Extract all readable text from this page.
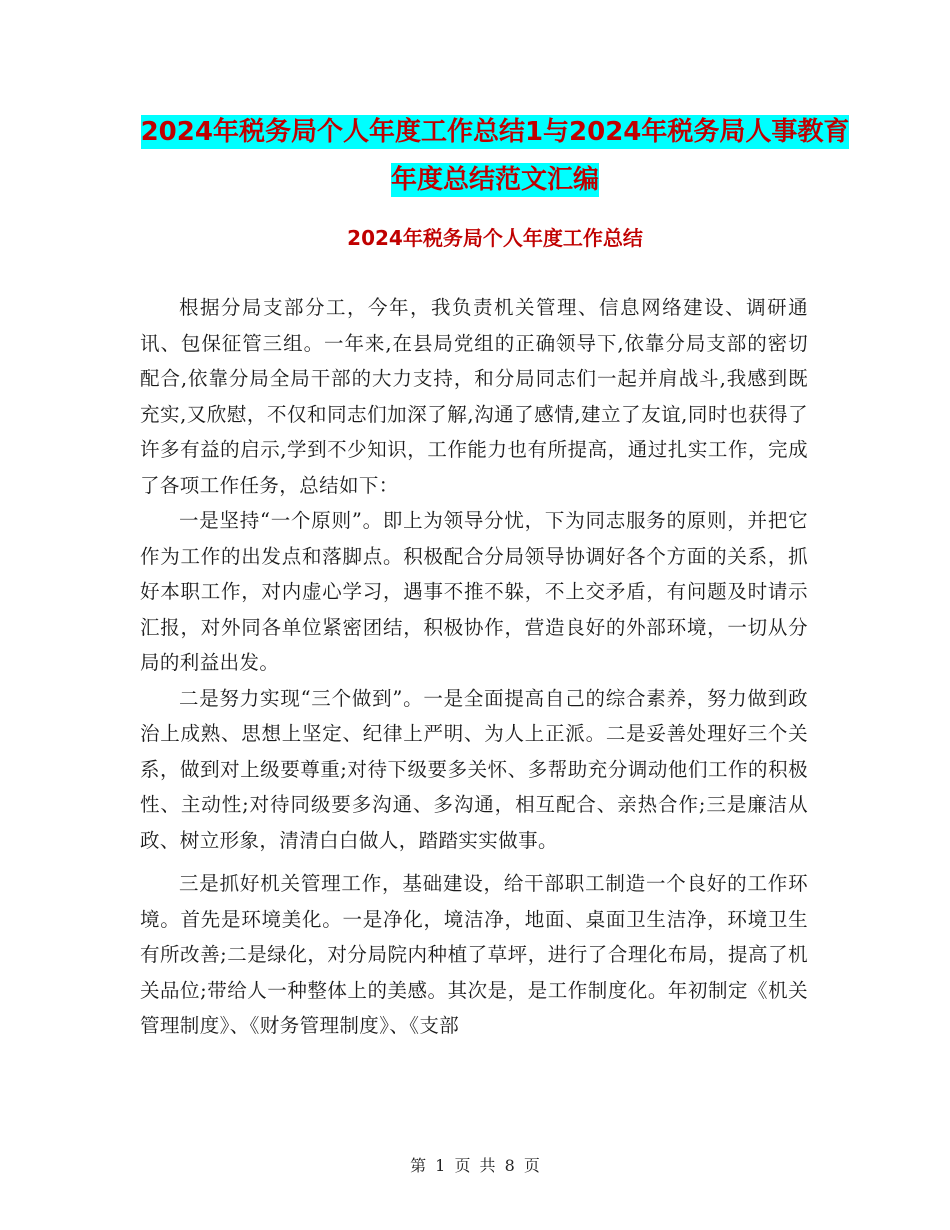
2024年税务局个人年度工作总结1与2024年税务局人事教育年度总结范文汇编
2024年税务局个人年度工作总结

根据分局支部分工，今年，我负责机关管理、信息网络建设、调研通讯、包保征管三组。一年来,在县局党组的正确领导下,依靠分局支部的密切配合,依靠分局全局干部的大力支持，和分局同志们一起并肩战斗,我感到既充实,又欣慰，不仅和同志们加深了解,沟通了感情,建立了友谊,同时也获得了许多有益的启示,学到不少知识，工作能力也有所提高，通过扎实工作，完成了各项工作任务，总结如下：

一是坚持“一个原则”。即上为领导分忧，下为同志服务的原则，并把它作为工作的出发点和落脚点。积极配合分局领导协调好各个方面的关系，抓好本职工作，对内虚心学习，遇事不推不躲，不上交矛盾，有问题及时请示汇报，对外同各单位紧密团结，积极协作，营造良好的外部环境，一切从分局的利益出发。

二是努力实现“三个做到”。一是全面提高自己的综合素养，努力做到政治上成熟、思想上坚定、纪律上严明、为人上正派。二是妥善处理好三个关系，做到对上级要尊重;对待下级要多关怀、多帮助充分调动他们工作的积极性、主动性;对待同级要多沟通、多沟通，相互配合、亲热合作;三是廉洁从政、树立形象，清清白白做人，踏踏实实做事。

三是抓好机关管理工作，基础建设，给干部职工制造一个良好的工作环境。首先是环境美化。一是净化，境洁净，地面、桌面卫生洁净，环境卫生有所改善;二是绿化，对分局院内种植了草坪，进行了合理化布局，提高了机关品位;带给人一种整体上的美感。其次是，是工作制度化。年初制定《机关管理制度》、《财务管理制度》、《支部

第 1 页 共 8 页
